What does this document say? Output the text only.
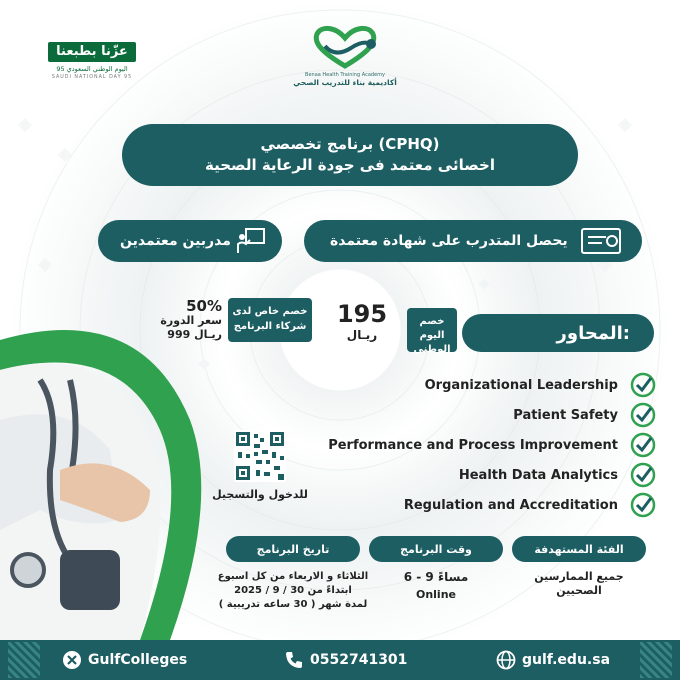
عزّنا بطبعنا
اليوم الوطني السعودي 95
SAUDI NATIONAL DAY 95	Benaa Health Training Academy
أكاديمية بناء للتدريب الصحي
برنامج تخصصي (CPHQ)
اخصائى معتمد فى جودة الرعاية الصحية
يحصل المتدرب على شهادة معتمدة
مدربين معتمدين
50%
سعر الدورة
999 ريـال
خصم خاص لدى شركاء البرنامج	195
ريـال
خصم اليوم الوطني
المحاور:
Organizational Leadership
Patient Safety
Performance and Process Improvement
Health Data Analytics
Regulation and Accreditation
للدخول والتسجيل
الفئة المستهدفة
جميع الممارسين الصحيين
وقت البرنامج
6 - 9 مساءً
Online
تاريخ البرنامج
الثلاثاء و الاربعاء من كل اسبوع
ابتداءً من 30 / 9 / 2025
لمدة شهر ( 30 ساعه تدريبية )
GulfColleges	0552741301	gulf.edu.sa
